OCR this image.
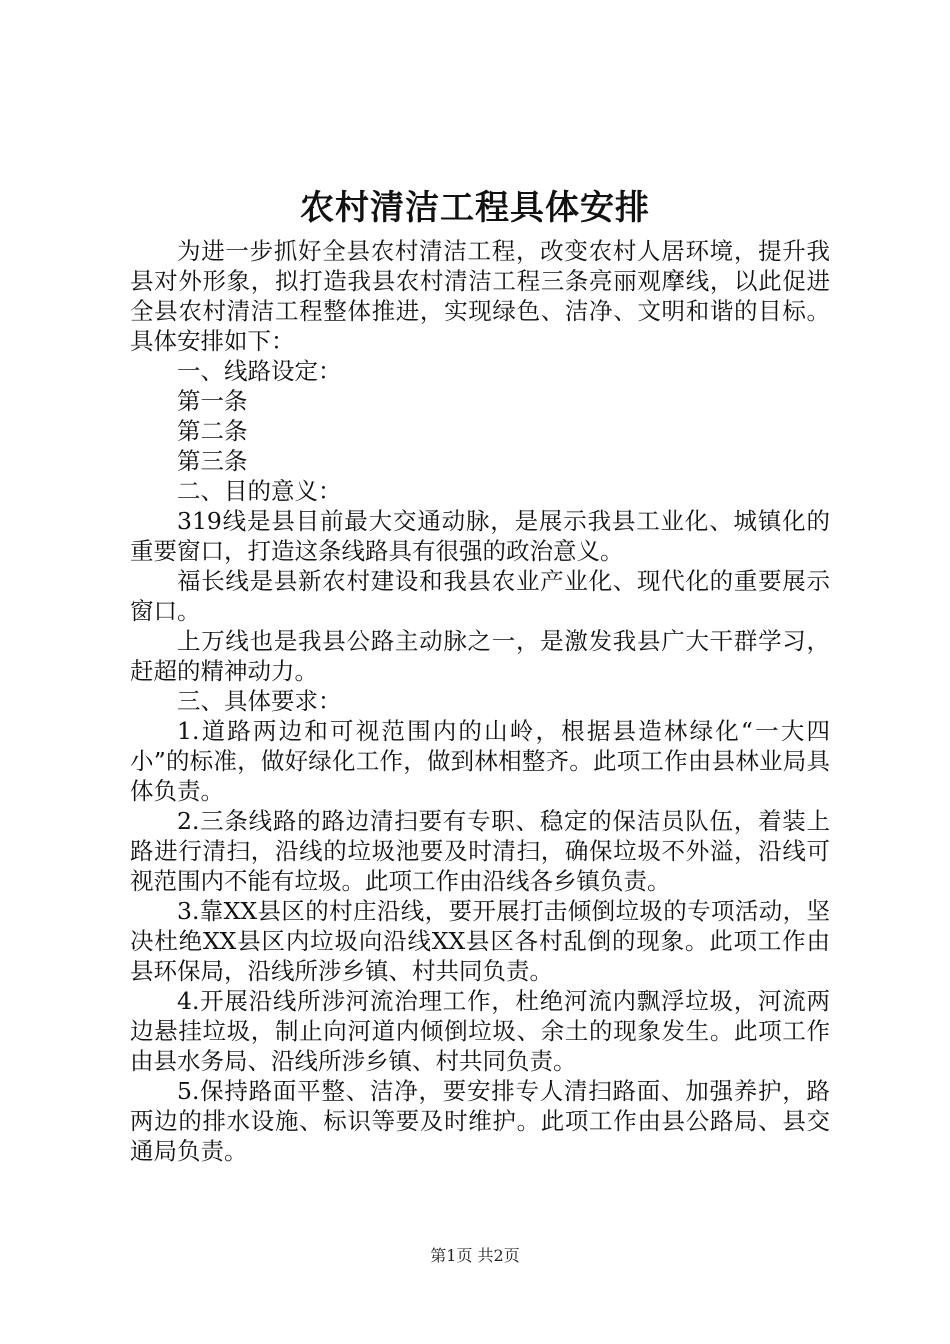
农村清洁工程具体安排

为进一步抓好全县农村清洁工程，改变农村人居环境，提升我县对外形象，拟打造我县农村清洁工程三条亮丽观摩线，以此促进全县农村清洁工程整体推进，实现绿色、洁净、文明和谐的目标。具体安排如下：

一、线路设定：

第一条

第二条

第三条

二、目的意义：

319线是县目前最大交通动脉，是展示我县工业化、城镇化的重要窗口，打造这条线路具有很强的政治意义。

福长线是县新农村建设和我县农业产业化、现代化的重要展示窗口。

上万线也是我县公路主动脉之一，是激发我县广大干群学习，赶超的精神动力。

三、具体要求：

1.道路两边和可视范围内的山岭，根据县造林绿化“一大四小”的标准，做好绿化工作，做到林相整齐。此项工作由县林业局具体负责。

2.三条线路的路边清扫要有专职、稳定的保洁员队伍，着装上路进行清扫，沿线的垃圾池要及时清扫，确保垃圾不外溢，沿线可视范围内不能有垃圾。此项工作由沿线各乡镇负责。

3.靠XX县区的村庄沿线，要开展打击倾倒垃圾的专项活动，坚决杜绝XX县区内垃圾向沿线XX县区各村乱倒的现象。此项工作由县环保局，沿线所涉乡镇、村共同负责。

4.开展沿线所涉河流治理工作，杜绝河流内飘浮垃圾，河流两边悬挂垃圾，制止向河道内倾倒垃圾、余土的现象发生。此项工作由县水务局、沿线所涉乡镇、村共同负责。

5.保持路面平整、洁净，要安排专人清扫路面、加强养护，路两边的排水设施、标识等要及时维护。此项工作由县公路局、县交通局负责。

第1页 共2页
